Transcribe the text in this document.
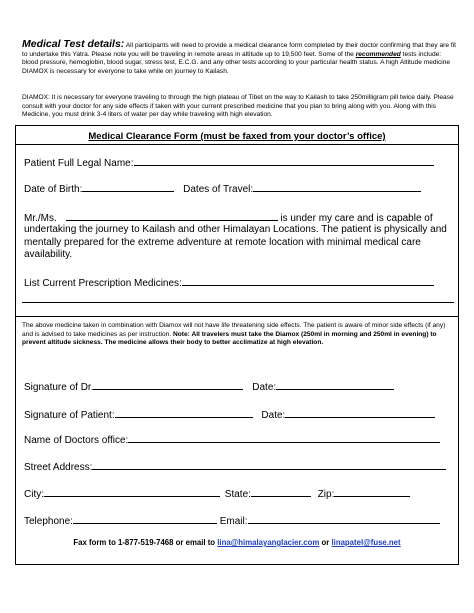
Medical Test details: All participants will need to provide a medical clearance form completed by their doctor confirming that they are fit to undertake this Yatra. Please note you will be traveling in remote areas in altitude up to 19,500 feet. Some of the recommended tests include: blood pressure, hemoglobin, blood sugar, stress test, E.C.G. and any other tests according to your particular health status. A high Altitude medicine DIAMOX is necessary for everyone to take while on journey to Kailash.
DIAMOX: It is necessary for everyone traveling to through the high plateau of Tibet on the way to Kailash to take 250milligram pill twice daily. Please consult with your doctor for any side effects if taken with your current prescribed medicine that you plan to bring along with you. Along with this Medicine, you must drink 3-4 liters of water per day while traveling with high elevation.
Medical Clearance Form (must be faxed from your doctor’s office)
Patient Full Legal Name:
Date of Birth:	Dates of Travel:
Mr./Ms.	is under my care and is capable of
undertaking the journey to Kailash and other Himalayan Locations. The patient is physically and mentally prepared for the extreme adventure at remote location with minimal medical care availability.
List Current Prescription Medicines:
The above medicine taken in combination with Diamox will not have life threatening side effects. The patient is aware of minor side effects (if any) and is advised to take medicines as per instruction. Note: All travelers must take the Diamox (250ml in morning and 250ml in evening) to prevent altitude sickness. The medicine allows their body to better acclimatize at high elevation.
Signature of Dr.	Date:
Signature of Patient:	Date:
Name of Doctors office:
Street Address:
City:	State:	Zip:
Telephone:	Email:
Fax form to 1-877-519-7468 or email to lina@himalayanglacier.com or linapatel@fuse.net
